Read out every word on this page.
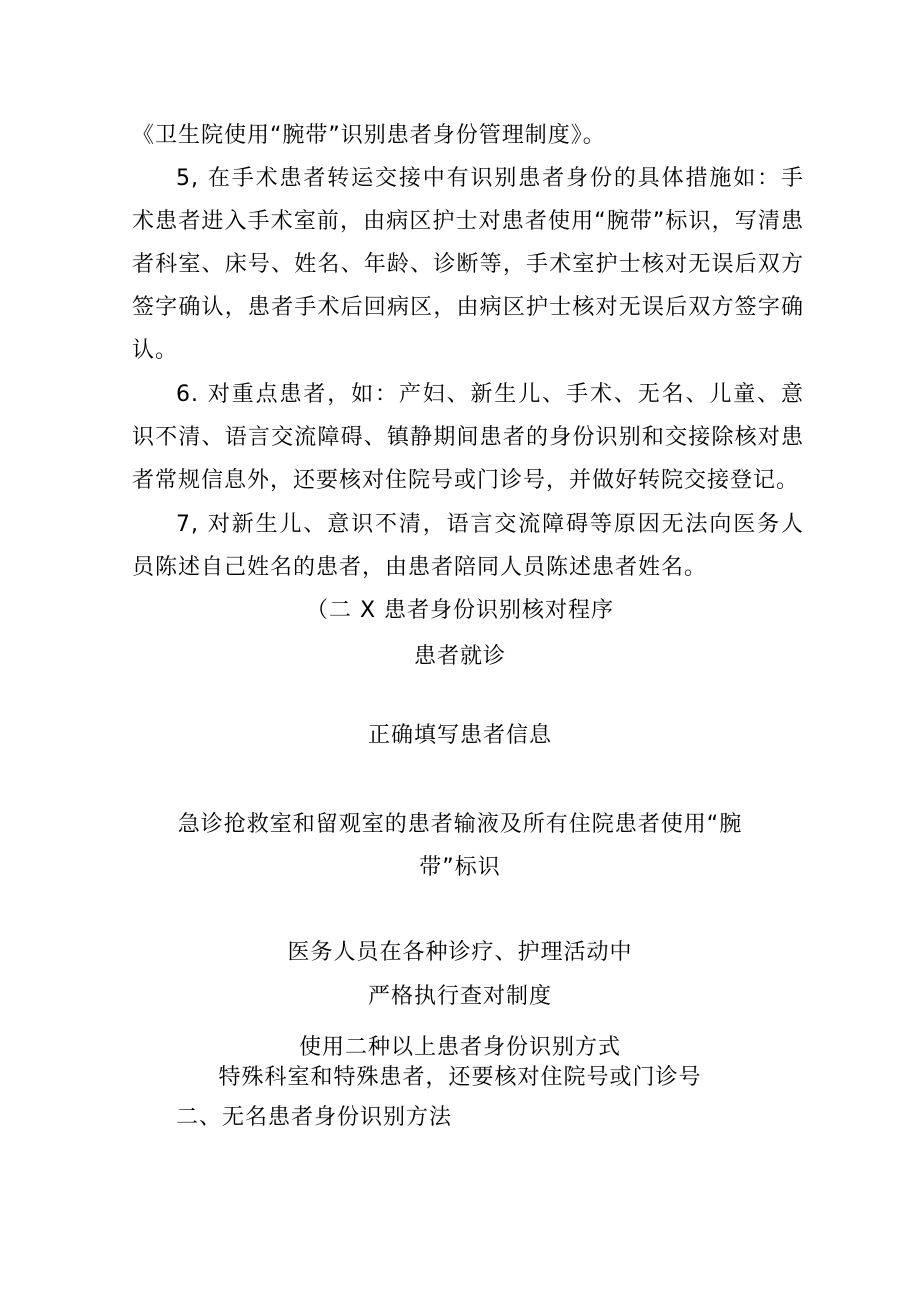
《卫生院使用“腕带”识别患者身份管理制度》。

5, 在手术患者转运交接中有识别患者身份的具体措施如：手术患者进入手术室前，由病区护士对患者使用“腕带”标识，写清患者科室、床号、姓名、年龄、诊断等，手术室护士核对无误后双方签字确认，患者手术后回病区，由病区护士核对无误后双方签字确认。

6. 对重点患者，如：产妇、新生儿、手术、无名、儿童、意识不清、语言交流障碍、镇静期间患者的身份识别和交接除核对患者常规信息外，还要核对住院号或门诊号，并做好转院交接登记。

7, 对新生儿、意识不清，语言交流障碍等原因无法向医务人员陈述自己姓名的患者，由患者陪同人员陈述患者姓名。

（二 X 患者身份识别核对程序

患者就诊

正确填写患者信息

急诊抢救室和留观室的患者输液及所有住院患者使用“腕

带”标识

医务人员在各种诊疗、护理活动中

严格执行查对制度

使用二种以上患者身份识别方式

特殊科室和特殊患者，还要核对住院号或门诊号

二、无名患者身份识别方法
